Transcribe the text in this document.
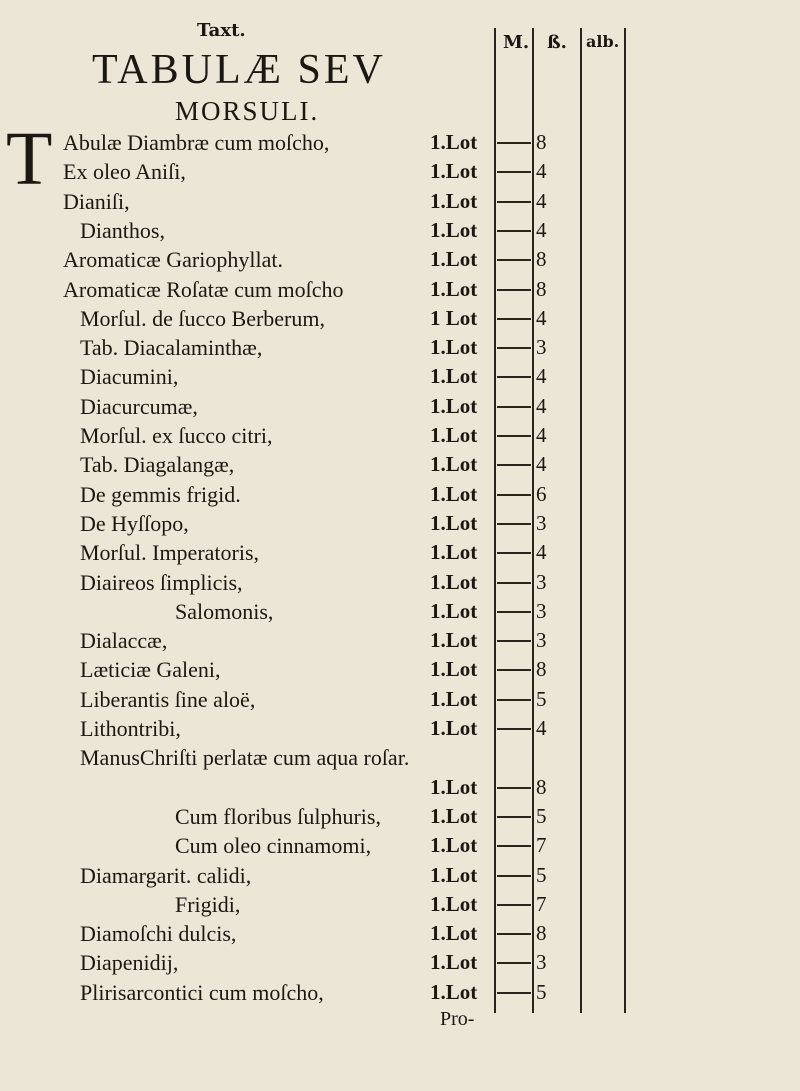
Taxt.
M. ß. alb.
TABULÆ SEV
MORSULI.
T Abulæ Diambræ cum moſcho,	1.Lot	8
Ex oleo Aniſi,	1.Lot	4
Dianiſi,	1.Lot	4
Dianthos,	1.Lot	4
Aromaticæ Gariophyllat.	1.Lot	8
Aromaticæ Roſatæ cum moſcho	1.Lot	8
Morſul. de ſucco Berberum,	1 Lot	4
Tab. Diacalaminthæ,	1.Lot	3
Diacumini,	1.Lot	4
Diacurcumæ,	1.Lot	4
Morſul. ex ſucco citri,	1.Lot	4
Tab. Diagalangæ,	1.Lot	4
De gemmis frigid.	1.Lot	6
De Hyſſopo,	1.Lot	3
Morſul. Imperatoris,	1.Lot	4
Diaireos ſimplicis,	1.Lot	3
Salomonis,	1.Lot	3
Dialaccæ,	1.Lot	3
Læticiæ Galeni,	1.Lot	8
Liberantis ſine aloë,	1.Lot	5
Lithontribi,	1.Lot	4
ManusChriſti perlatæ cum aqua roſar.
1.Lot	8
Cum floribus ſulphuris, 1.Lot	5
Cum oleo cinnamomi,	1.Lot	7
Diamargarit. calidi,	1.Lot	5
Frigidi,	1.Lot	7
Diamoſchi dulcis,	1.Lot	8
Diapenidij,	1.Lot	3
Plirisarcontici cum moſcho,	1.Lot	5
Pro-
